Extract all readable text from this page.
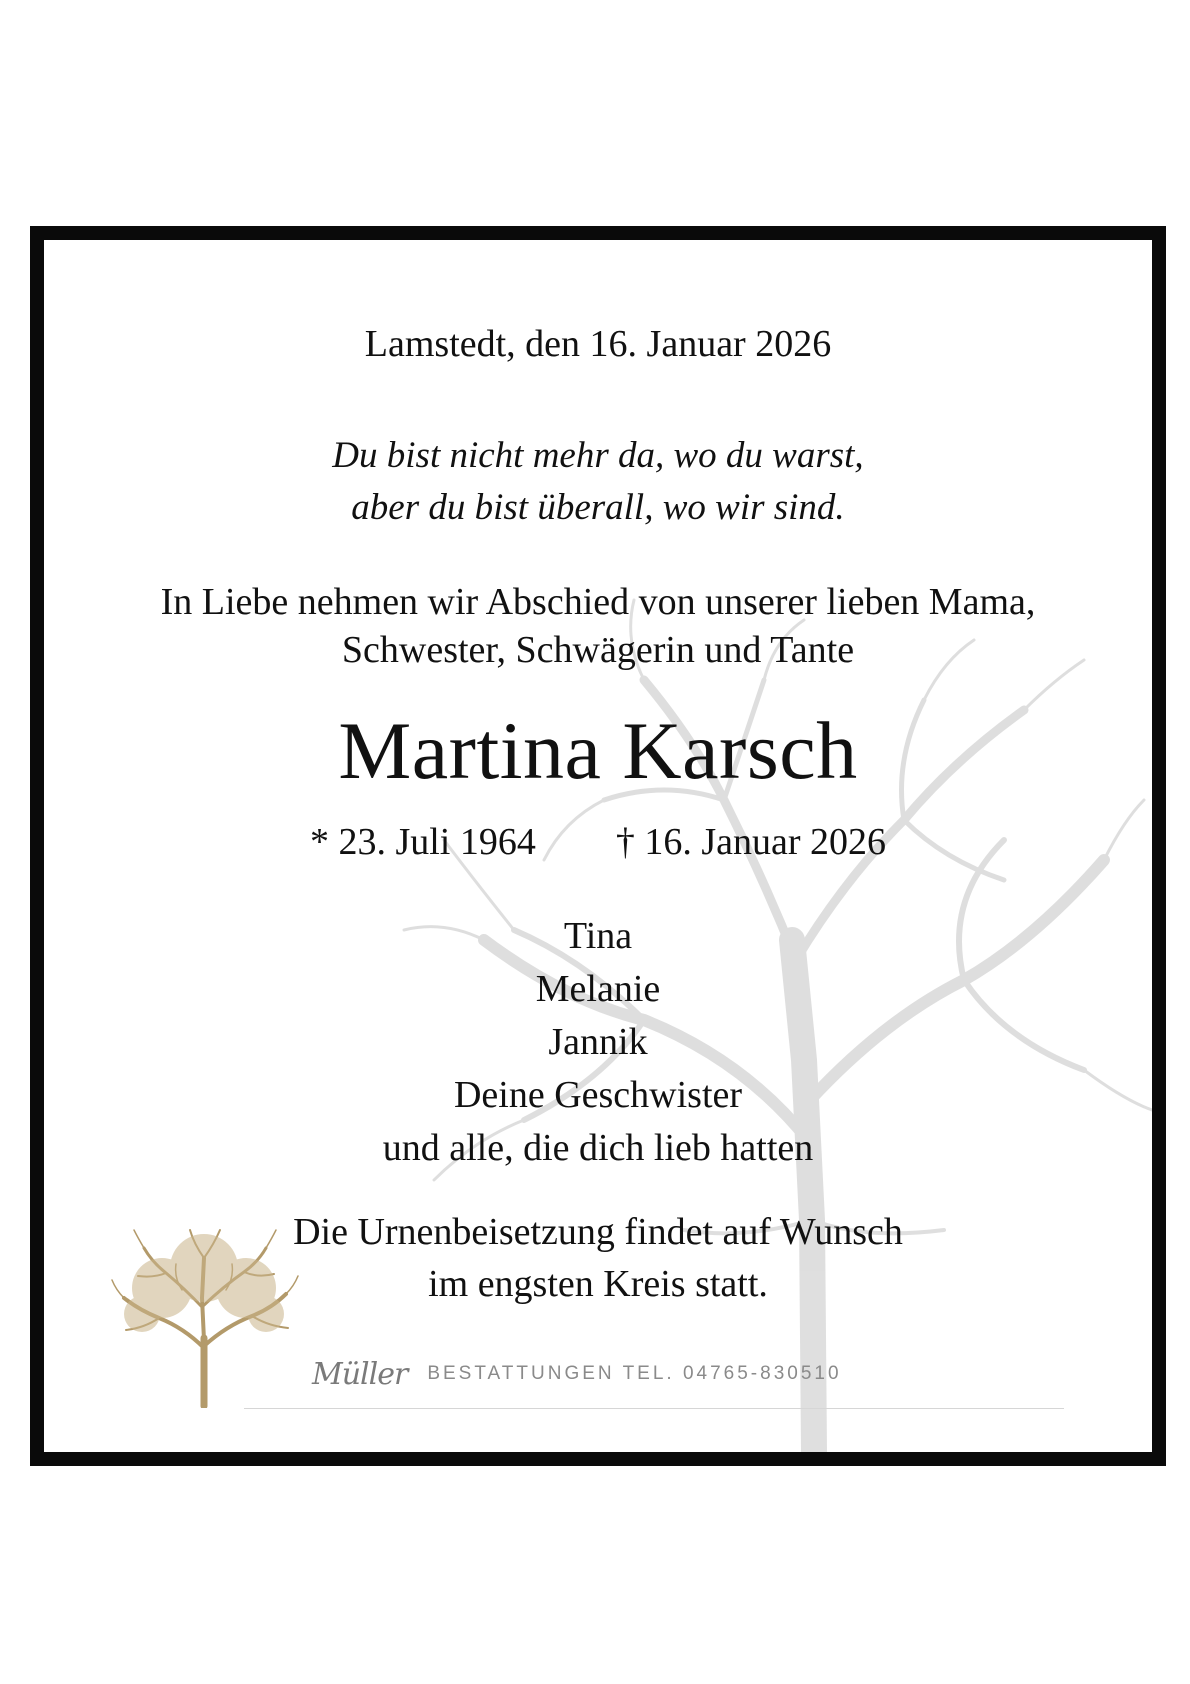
Lamstedt, den 16. Januar 2026
Du bist nicht mehr da, wo du warst,
aber du bist überall, wo wir sind.
In Liebe nehmen wir Abschied von unserer lieben Mama,
Schwester, Schwägerin und Tante
Martina Karsch
* 23. Juli 1964 † 16. Januar 2026
Tina
Melanie
Jannik
Deine Geschwister
und alle, die dich lieb hatten
Die Urnenbeisetzung findet auf Wunsch
im engsten Kreis statt.
Müller BESTATTUNGEN TEL. 04765-830510
